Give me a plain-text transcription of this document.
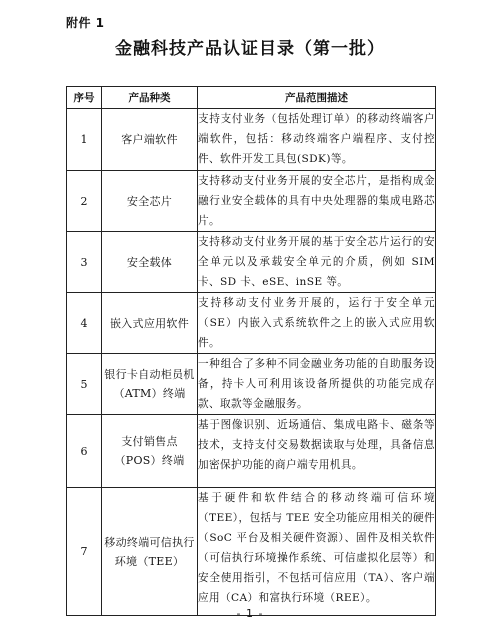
附件 1
金融科技产品认证目录（第一批）
序号	产品种类	产品范围描述
1	客户端软件	支持支付业务（包括处理订单）的移动终端客户端软件，包括：移动终端客户端程序、支付控件、软件开发工具包(SDK)等。
2	安全芯片	支持移动支付业务开展的安全芯片，是指构成金融行业安全载体的具有中央处理器的集成电路芯片。
3	安全载体	支持移动支付业务开展的基于安全芯片运行的安全单元以及承载安全单元的介质，例如 SIM 卡、SD 卡、eSE、inSE 等。
4	嵌入式应用软件	支持移动支付业务开展的，运行于安全单元（SE）内嵌入式系统软件之上的嵌入式应用软件。
5	银行卡自动柜员机（ATM）终端	一种组合了多种不同金融业务功能的自助服务设备，持卡人可利用该设备所提供的功能完成存款、取款等金融服务。
6	支付销售点（POS）终端	基于图像识别、近场通信、集成电路卡、磁条等技术，支持支付交易数据读取与处理，具备信息加密保护功能的商户端专用机具。
7	移动终端可信执行环境（TEE）	基于硬件和软件结合的移动终端可信环境（TEE），包括与 TEE 安全功能应用相关的硬件（SoC 平台及相关硬件资源）、固件及相关软件（可信执行环境操作系统、可信虚拟化层等）和安全使用指引，不包括可信应用（TA）、客户端应用（CA）和富执行环境（REE）。
- 1 -
